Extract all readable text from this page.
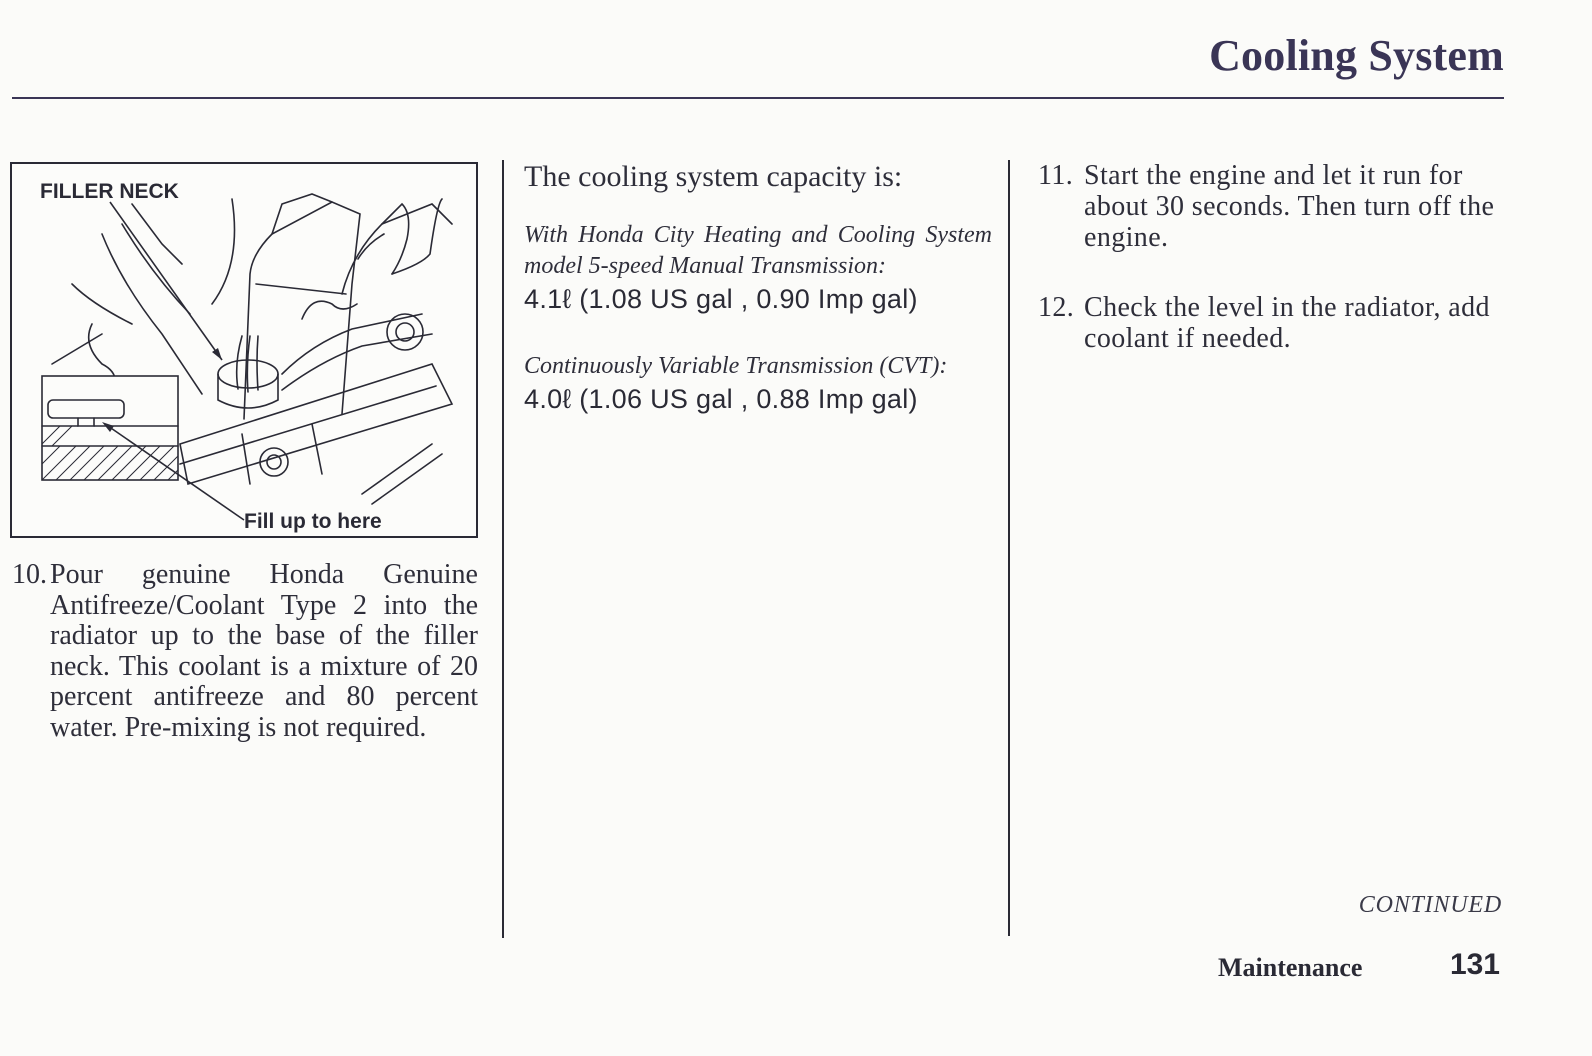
Cooling System
FILLER NECK
Fill up to here
10. Pour genuine Honda Genuine Antifreeze/Coolant Type 2 into the radiator up to the base of the filler neck. This coolant is a mixture of 20 percent antifreeze and 80 percent water. Pre-mixing is not required.
The cooling system capacity is:
With Honda City Heating and Cooling System model 5-speed Manual Transmission:
4.1ℓ (1.08 US gal , 0.90 Imp gal)
Continuously Variable Transmission (CVT):
4.0ℓ (1.06 US gal , 0.88 Imp gal)
11. Start the engine and let it run for about 30 seconds. Then turn off the engine.
12. Check the level in the radiator, add coolant if needed.
CONTINUED
Maintenance	131
